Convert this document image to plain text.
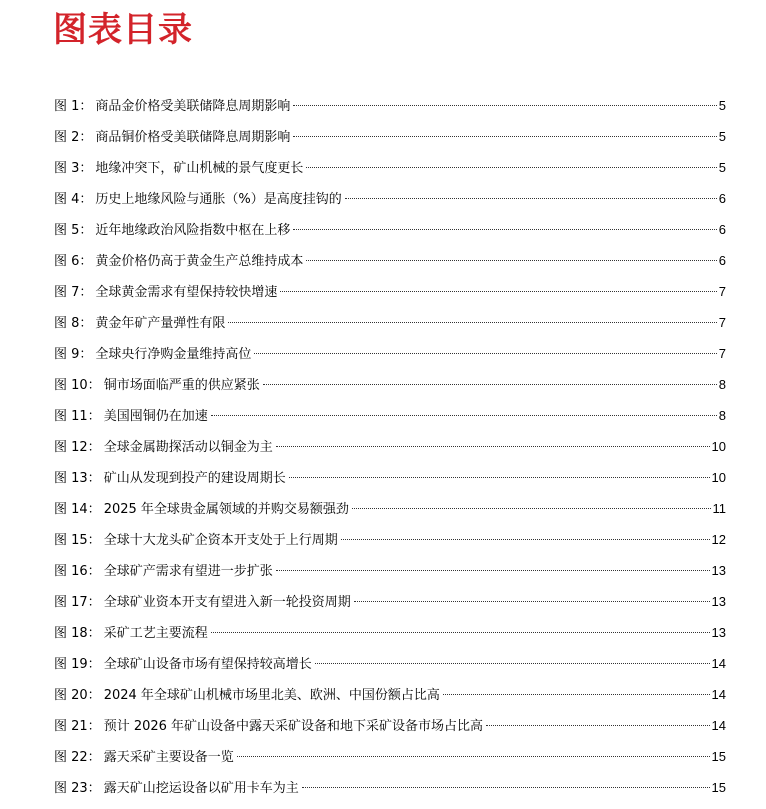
图表目录
图 1： 商品金价格受美联储降息周期影响	5
图 2： 商品铜价格受美联储降息周期影响	5
图 3： 地缘冲突下，矿山机械的景气度更长	5
图 4： 历史上地缘风险与通胀（%）是高度挂钩的	6
图 5： 近年地缘政治风险指数中枢在上移	6
图 6： 黄金价格仍高于黄金生产总维持成本	6
图 7： 全球黄金需求有望保持较快增速	7
图 8： 黄金年矿产量弹性有限	7
图 9： 全球央行净购金量维持高位	7
图 10： 铜市场面临严重的供应紧张	8
图 11： 美国囤铜仍在加速	8
图 12： 全球金属勘探活动以铜金为主	10
图 13： 矿山从发现到投产的建设周期长	10
图 14： 2025 年全球贵金属领域的并购交易额强劲	11
图 15： 全球十大龙头矿企资本开支处于上行周期	12
图 16： 全球矿产需求有望进一步扩张	13
图 17： 全球矿业资本开支有望进入新一轮投资周期	13
图 18： 采矿工艺主要流程	13
图 19： 全球矿山设备市场有望保持较高增长	14
图 20： 2024 年全球矿山机械市场里北美、欧洲、中国份额占比高	14
图 21： 预计 2026 年矿山设备中露天采矿设备和地下采矿设备市场占比高	14
图 22： 露天采矿主要设备一览	15
图 23： 露天矿山挖运设备以矿用卡车为主	15
